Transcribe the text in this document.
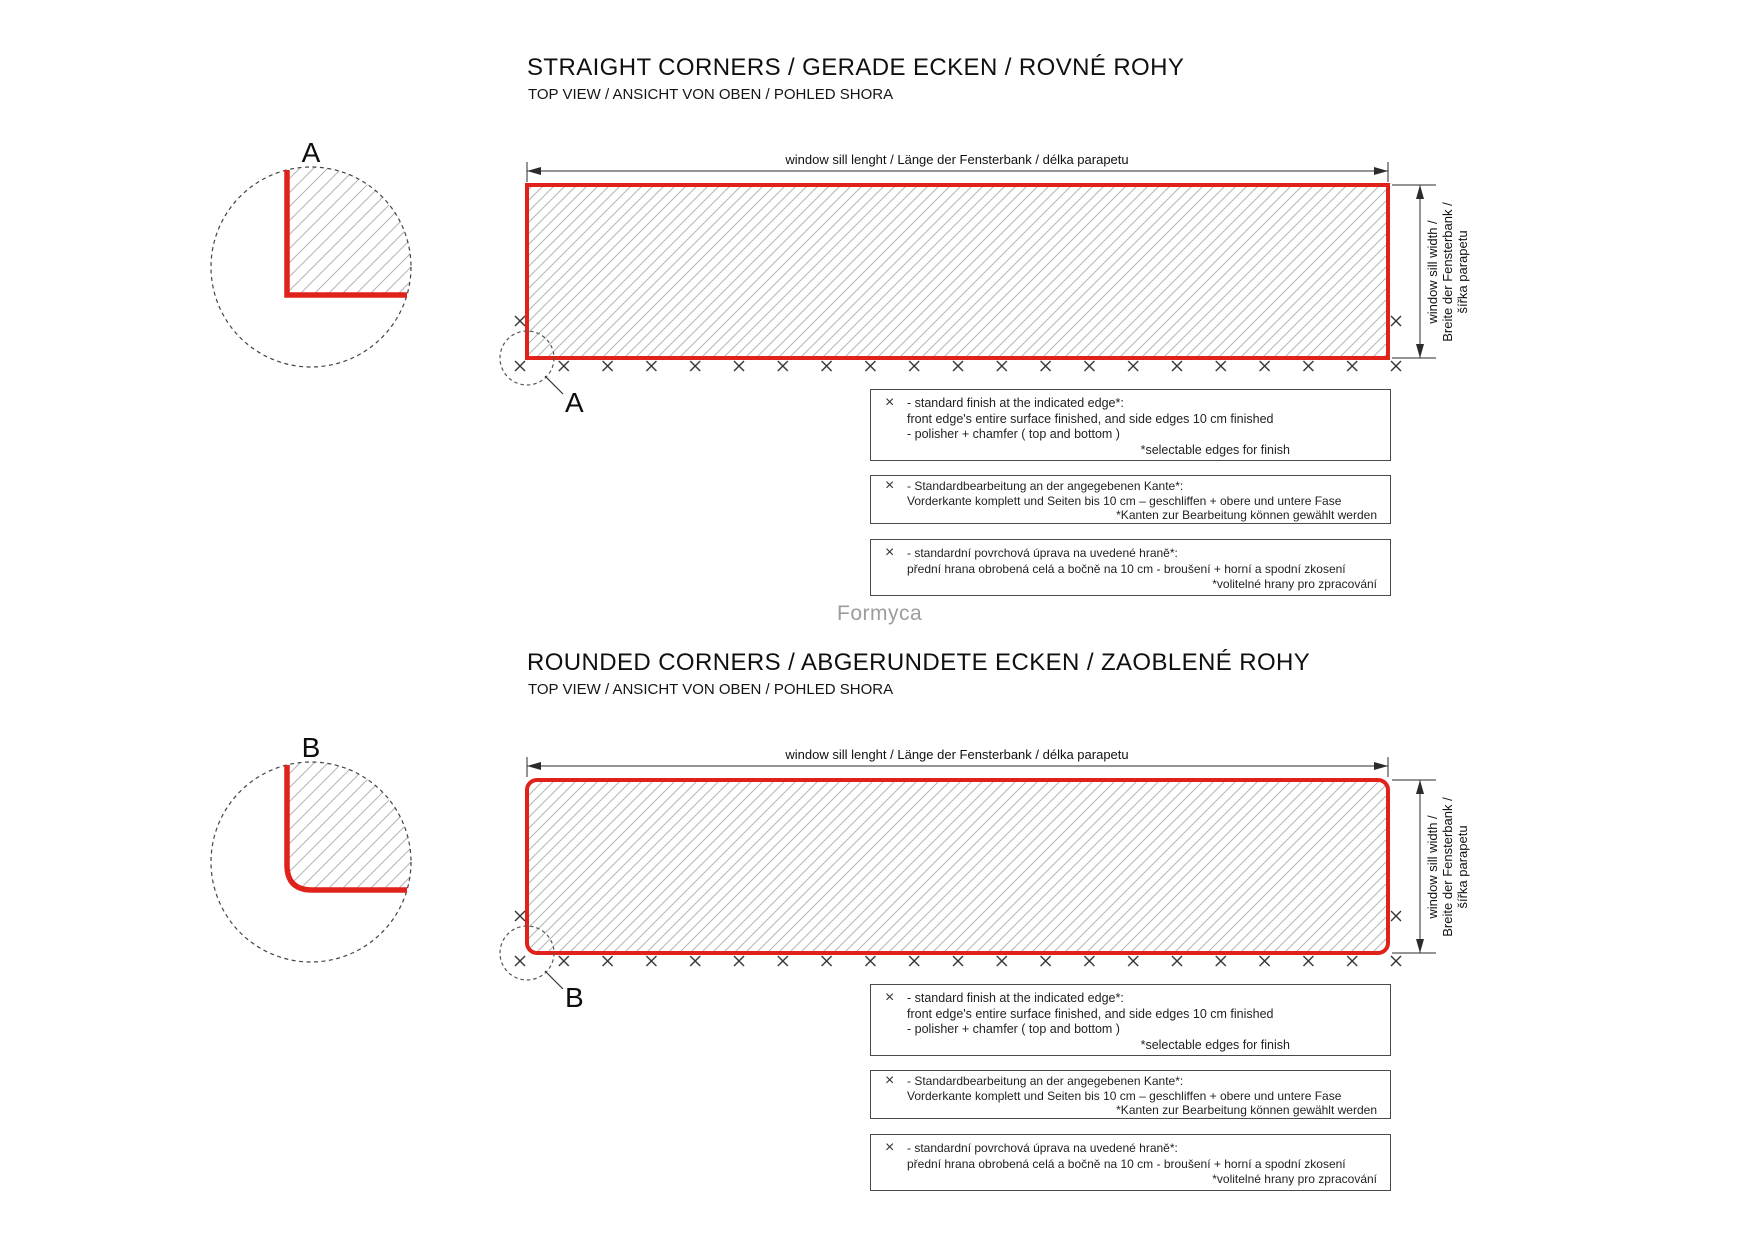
STRAIGHT CORNERS / GERADE ECKEN / ROVNÉ ROHY
TOP VIEW / ANSICHT VON OBEN / POHLED SHORA
A	window sill lenght / Länge der Fensterbank / délka parapetu
window sill width / Breite der Fensterbank / šířka parapetu
A	× - standard finish at the indicated edge*:
front edge's entire surface finished, and side edges 10 cm finished
- polisher + chamfer ( top and bottom )
*selectable edges for finish
× - Standardbearbeitung an der angegebenen Kante*:
Vorderkante komplett und Seiten bis 10 cm – geschliffen + obere und untere Fase
*Kanten zur Bearbeitung können gewählt werden
× - standardní povrchová úprava na uvedené hraně*:
přední hrana obrobená celá a bočně na 10 cm - broušení + horní a spodní zkosení
*volitelné hrany pro zpracování
Formyca
ROUNDED CORNERS / ABGERUNDETE ECKEN / ZAOBLENÉ ROHY
TOP VIEW / ANSICHT VON OBEN / POHLED SHORA
B	window sill lenght / Länge der Fensterbank / délka parapetu
window sill width / Breite der Fensterbank / šířka parapetu
B	× - standard finish at the indicated edge*:
front edge's entire surface finished, and side edges 10 cm finished
- polisher + chamfer ( top and bottom )
*selectable edges for finish
× - Standardbearbeitung an der angegebenen Kante*:
Vorderkante komplett und Seiten bis 10 cm – geschliffen + obere und untere Fase
*Kanten zur Bearbeitung können gewählt werden
× - standardní povrchová úprava na uvedené hraně*:
přední hrana obrobená celá a bočně na 10 cm - broušení + horní a spodní zkosení
*volitelné hrany pro zpracování
